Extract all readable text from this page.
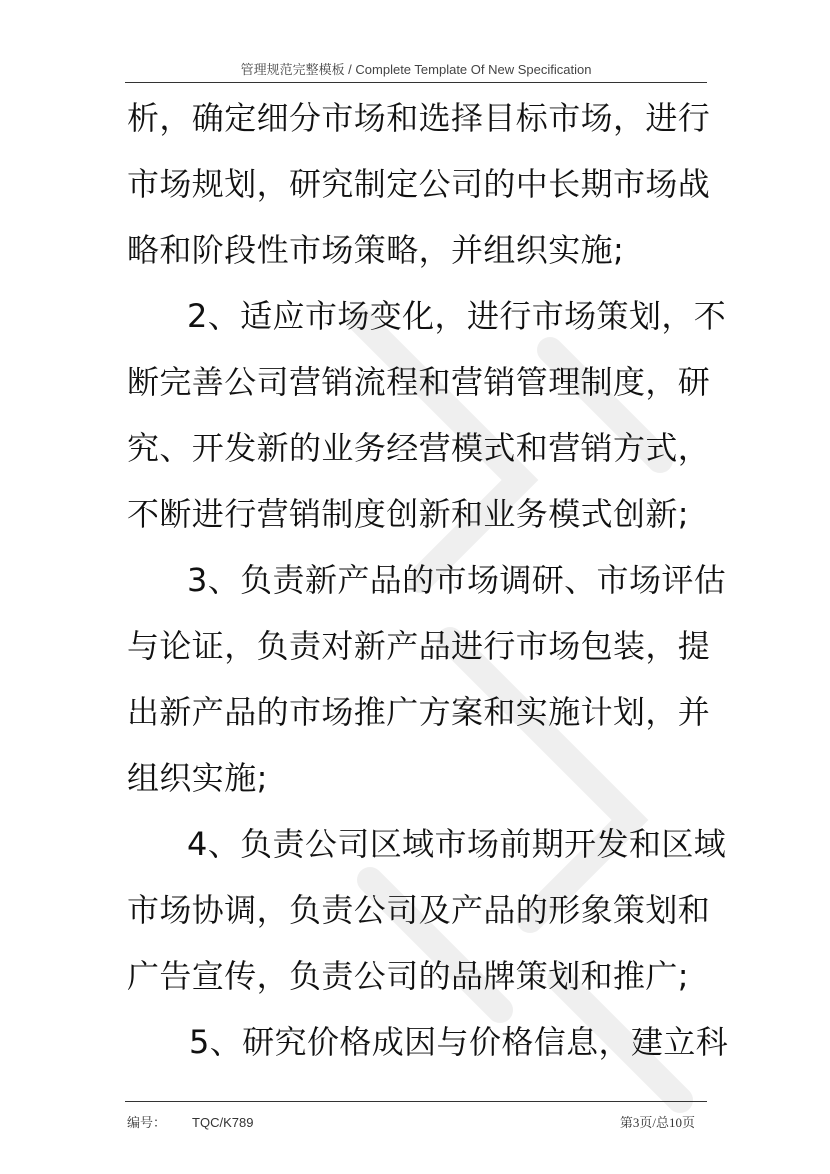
管理规范完整模板 / Complete Template Of New Specification
析，确定细分市场和选择目标市场，进行
市场规划，研究制定公司的中长期市场战
略和阶段性市场策略，并组织实施;
2、适应市场变化，进行市场策划，不
断完善公司营销流程和营销管理制度，研
究、开发新的业务经营模式和营销方式，
不断进行营销制度创新和业务模式创新;
3、负责新产品的市场调研、市场评估
与论证，负责对新产品进行市场包装，提
出新产品的市场推广方案和实施计划，并
组织实施;
4、负责公司区域市场前期开发和区域
市场协调，负责公司及产品的形象策划和
广告宣传，负责公司的品牌策划和推广;
5、研究价格成因与价格信息，建立科
编号： TQC/K789	第3页/总10页
